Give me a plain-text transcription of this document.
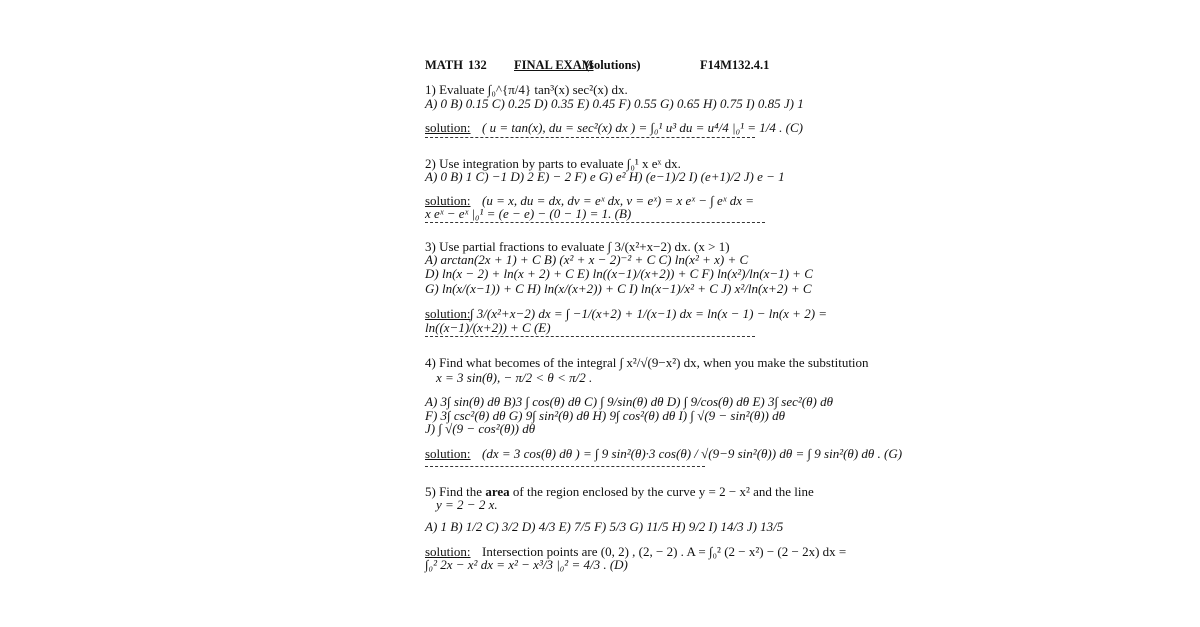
MATH 132 FINAL EXAM
(solutions)	F14M132.4.1
1) Evaluate ∫₀^{π/4} tan³(x) sec²(x) dx.
A) 0 B) 0.15 C) 0.25 D) 0.35 E) 0.45 F) 0.55 G) 0.65 H) 0.75 I) 0.85 J) 1
solution: ( u = tan(x), du = sec²(x) dx ) = ∫₀¹ u³ du = u⁴/4 |₀¹ = 1/4 . (C)
2) Use integration by parts to evaluate ∫₀¹ x eˣ dx.
A) 0 B) 1 C) −1 D) 2 E) − 2 F) e G) e² H) (e−1)/2 I) (e+1)/2 J) e − 1
solution: (u = x, du = dx, dv = eˣ dx, v = eˣ) = x eˣ − ∫ eˣ dx =
x eˣ − eˣ |₀¹ = (e − e) − (0 − 1) = 1. (B)
3) Use partial fractions to evaluate ∫ 3/(x²+x−2) dx. (x > 1)
A) arctan(2x + 1) + C B) (x² + x − 2)⁻² + C C) ln(x² + x) + C
D) ln(x − 2) + ln(x + 2) + C E) ln((x−1)/(x+2)) + C F) ln(x²)/ln(x−1) + C
G) ln(x/(x−1)) + C H) ln(x/(x+2)) + C I) ln(x−1)/x² + C J) x²/ln(x+2) + C
solution: ∫ 3/(x²+x−2) dx = ∫ −1/(x+2) + 1/(x−1) dx = ln(x − 1) − ln(x + 2) =
ln((x−1)/(x+2)) + C (E)
4) Find what becomes of the integral ∫ x²/√(9−x²) dx, when you make the substitution
x = 3 sin(θ), − π/2 < θ < π/2 .
A) 3∫ sin(θ) dθ B)3 ∫ cos(θ) dθ C) ∫ 9/sin(θ) dθ D) ∫ 9/cos(θ) dθ E) 3∫ sec²(θ) dθ
F) 3∫ csc²(θ) dθ G) 9∫ sin²(θ) dθ H) 9∫ cos²(θ) dθ I) ∫ √(9 − sin²(θ)) dθ
J) ∫ √(9 − cos²(θ)) dθ
solution: (dx = 3 cos(θ) dθ ) = ∫ 9 sin²(θ)·3 cos(θ) / √(9−9 sin²(θ)) dθ = ∫ 9 sin²(θ) dθ . (G)
5) Find the area of the region enclosed by the curve y = 2 − x² and the line
y = 2 − 2 x.
A) 1 B) 1/2 C) 3/2 D) 4/3 E) 7/5 F) 5/3 G) 11/5 H) 9/2 I) 14/3 J) 13/5
solution: Intersection points are (0, 2) , (2, − 2) . A = ∫₀² (2 − x²) − (2 − 2x) dx =
∫₀² 2x − x² dx = x² − x³/3 |₀² = 4/3 . (D)
